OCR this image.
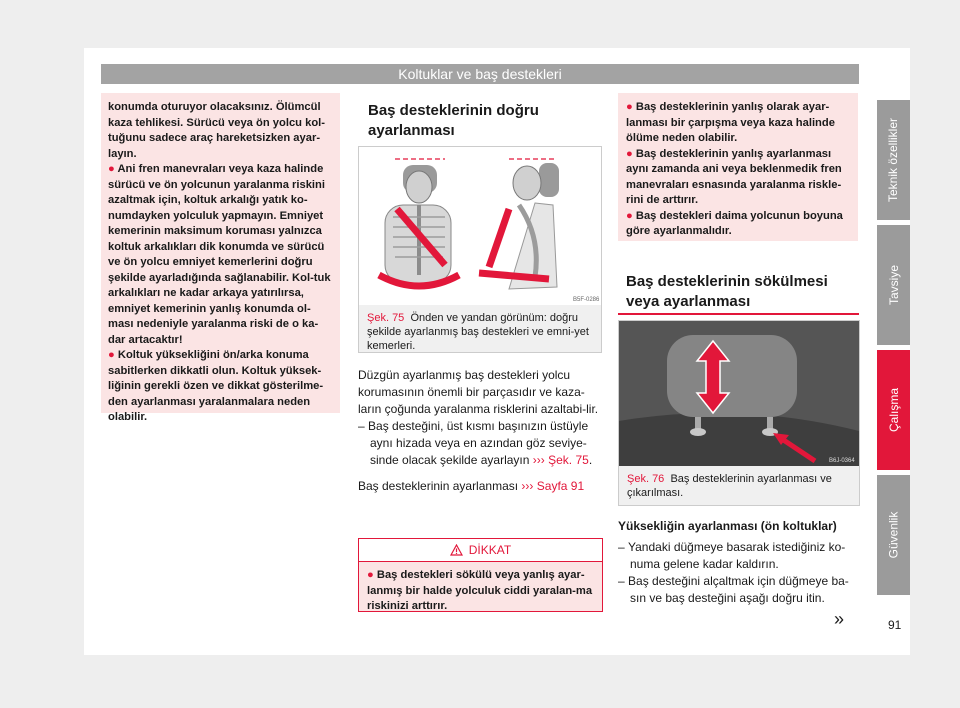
Koltuklar ve baş destekleri
Teknik özellikler
Tavsiye
Çalışma
Güvenlik
konumda oturuyor olacaksınız. Ölümcül kaza tehlikesi. Sürücü veya ön yolcu kol-tuğunu sadece araç hareketsizken ayar-layın.
● Ani fren manevraları veya kaza halinde sürücü ve ön yolcunun yaralanma riskini azaltmak için, koltuk arkalığı yatık ko-numdayken yolculuk yapmayın. Emniyet kemerinin maksimum koruması yalnızca koltuk arkalıkları dik konumda ve sürücü ve ön yolcu emniyet kemerlerini doğru şekilde ayarladığında sağlanabilir. Kol-tuk arkalıkları ne kadar arkaya yatırılırsa, emniyet kemerinin yanlış konumda ol-ması nedeniyle yaralanma riski de o ka-dar artacaktır!
● Koltuk yüksekliğini ön/arka konuma sabitlerken dikkatli olun. Koltuk yüksek-liğinin gerekli özen ve dikkat gösterilme-den ayarlanması yaralanmalara neden olabilir.
Baş desteklerinin doğru ayarlanması
B5F-0286
Şek. 75 Önden ve yandan görünüm: doğru şekilde ayarlanmış baş destekleri ve emni-yet kemerleri.
Düzgün ayarlanmış baş destekleri yolcu korumasının önemli bir parçasıdır ve kaza-ların çoğunda yaralanma risklerini azaltabi-lir.
– Baş desteğini, üst kısmı başınızın üstüyle aynı hizada veya en azından göz seviye-sinde olacak şekilde ayarlayın ››› Şek. 75.
Baş desteklerinin ayarlanması ››› Sayfa 91
DİKKAT
● Baş destekleri sökülü veya yanlış ayar-lanmış bir halde yolculuk ciddi yaralan-ma riskinizi arttırır.
● Baş desteklerinin yanlış olarak ayar-lanması bir çarpışma veya kaza halinde ölüme neden olabilir.
● Baş desteklerinin yanlış ayarlanması aynı zamanda ani veya beklenmedik fren manevraları esnasında yaralanma riskle-rini de arttırır.
● Baş destekleri daima yolcunun boyuna göre ayarlanmalıdır.
Baş desteklerinin sökülmesi veya ayarlanması
B6J-0364
Şek. 76 Baş desteklerinin ayarlanması ve çıkarılması.
Yüksekliğin ayarlanması (ön koltuklar)
– Yandaki düğmeye basarak istediğiniz ko-numa gelene kadar kaldırın.
– Baş desteğini alçaltmak için düğmeye ba-sın ve baş desteğini aşağı doğru itin.
»	91
